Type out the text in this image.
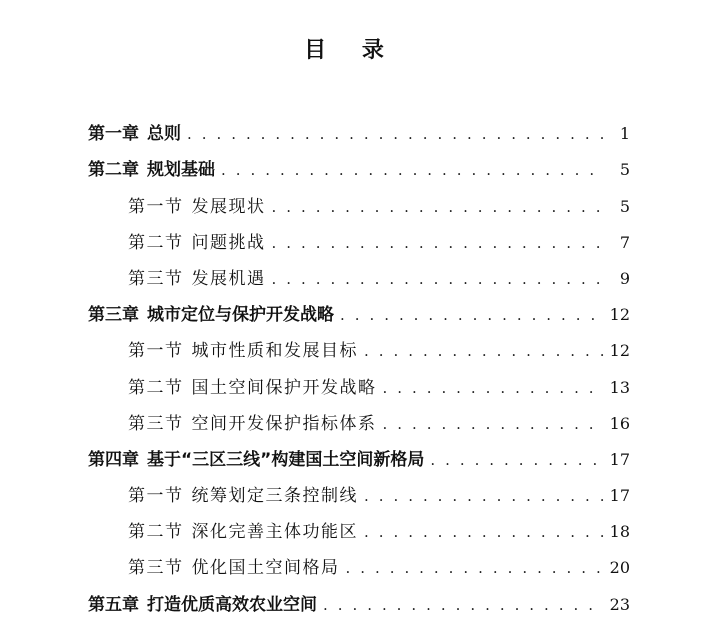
目 录
第一章 总则 . . .	1
第二章 规划基础 . . .	5
第一节 发展现状 . . .	5
第二节 问题挑战 . . .	7
第三节 发展机遇 . . .	9
第三章 城市定位与保护开发战略 . . .	12
第一节 城市性质和发展目标 . . .	12
第二节 国土空间保护开发战略 . . .	13
第三节 空间开发保护指标体系 . . .	16
第四章 基于“三区三线”构建国土空间新格局 . . .	17
第一节 统筹划定三条控制线 . . .	17
第二节 深化完善主体功能区 . . .	18
第三节 优化国土空间格局 . . .	20
第五章 打造优质高效农业空间 . . .	23
